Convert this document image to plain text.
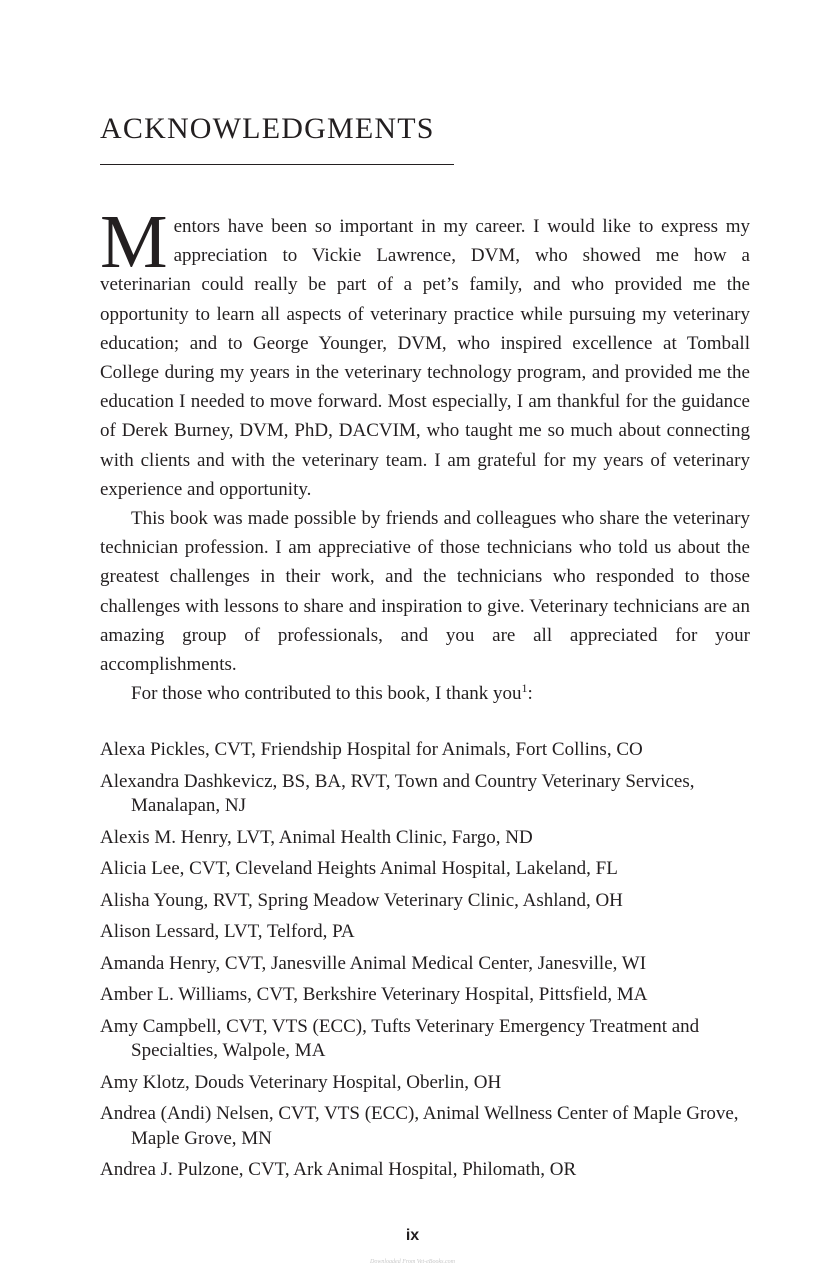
ACKNOWLEDGMENTS

Mentors have been so important in my career. I would like to express my appreciation to Vickie Lawrence, DVM, who showed me how a veterinarian could really be part of a pet’s family, and who provided me the opportunity to learn all aspects of veterinary practice while pursuing my veterinary education; and to George Younger, DVM, who inspired excellence at Tomball College during my years in the veterinary technology program, and provided me the education I needed to move forward. Most especially, I am thankful for the guidance of Derek Burney, DVM, PhD, DACVIM, who taught me so much about connecting with clients and with the veterinary team. I am grateful for my years of veterinary experience and opportunity.

This book was made possible by friends and colleagues who share the veterinary technician profession. I am appreciative of those technicians who told us about the greatest challenges in their work, and the technicians who responded to those challenges with lessons to share and inspiration to give. Veterinary technicians are an amazing group of professionals, and you are all appreciated for your accomplishments.

For those who contributed to this book, I thank you$^1$:

Alexa Pickles, CVT, Friendship Hospital for Animals, Fort Collins, CO
Alexandra Dashkevicz, BS, BA, RVT, Town and Country Veterinary Services, Manalapan, NJ
Alexis M. Henry, LVT, Animal Health Clinic, Fargo, ND
Alicia Lee, CVT, Cleveland Heights Animal Hospital, Lakeland, FL
Alisha Young, RVT, Spring Meadow Veterinary Clinic, Ashland, OH
Alison Lessard, LVT, Telford, PA
Amanda Henry, CVT, Janesville Animal Medical Center, Janesville, WI
Amber L. Williams, CVT, Berkshire Veterinary Hospital, Pittsfield, MA
Amy Campbell, CVT, VTS (ECC), Tufts Veterinary Emergency Treatment and Specialties, Walpole, MA
Amy Klotz, Douds Veterinary Hospital, Oberlin, OH
Andrea (Andi) Nelsen, CVT, VTS (ECC), Animal Wellness Center of Maple Grove, Maple Grove, MN
Andrea J. Pulzone, CVT, Ark Animal Hospital, Philomath, OR
ix
Downloaded From Vet-eBooks.com
